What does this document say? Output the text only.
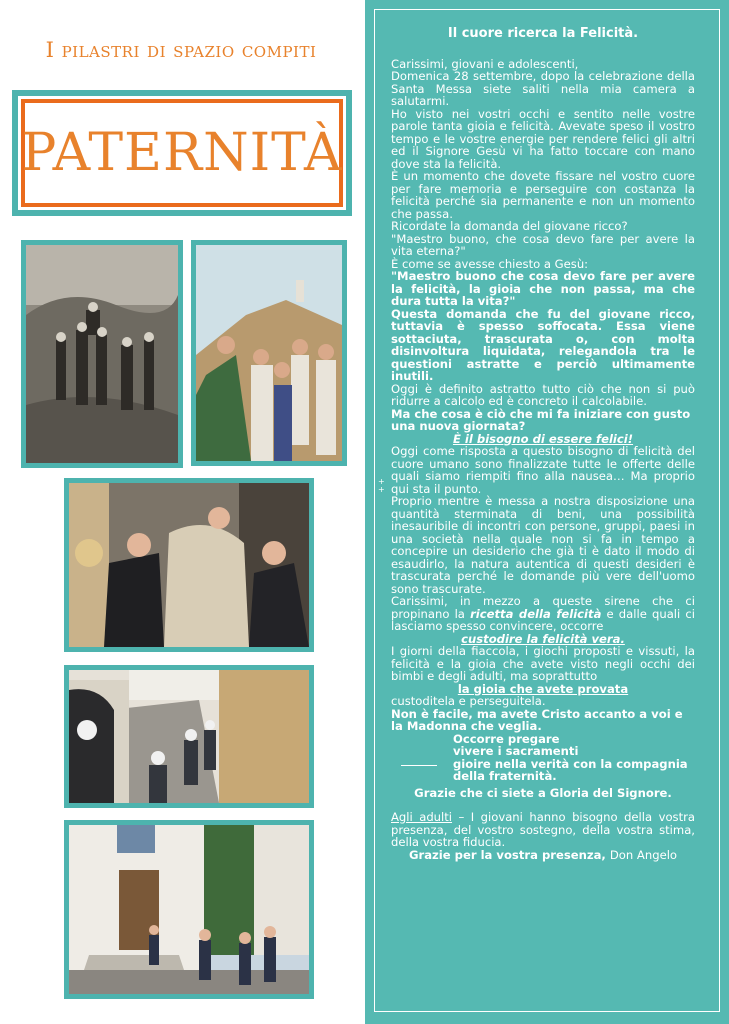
I pilastri di spazio compiti
PATERNITÀ
+
+
Il cuore ricerca la Felicità.
Carissimi, giovani e adolescenti,
Domenica 28 settembre, dopo la celebrazione della Santa Messa siete saliti nella mia camera a salutarmi.
Ho visto nei vostri occhi e sentito nelle vostre parole tanta gioia e felicità. Avevate speso il vostro tempo e le vostre energie per rendere felici gli altri ed il Signore Gesù vi ha fatto toccare con mano dove sta la felicità.
È un momento che dovete fissare nel vostro cuore per fare memoria e perseguire con costanza la felicità perché sia permanente e non un momento che passa.
Ricordate la domanda del giovane ricco?
"Maestro buono, che cosa devo fare per avere la vita eterna?"
È come se avesse chiesto a Gesù:
"Maestro buono che cosa devo fare per avere la felicità, la gioia che non passa, ma che dura tutta la vita?"
Questa domanda che fu del giovane ricco, tuttavia è spesso soffocata. Essa viene sottaciuta, trascurata o, con molta disinvoltura liquidata, relegandola tra le questioni astratte e perciò ultimamente inutili.
Oggi è definito astratto tutto ciò che non si può ridurre a calcolo ed è concreto il calcolabile.
Ma che cosa è ciò che mi fa iniziare con gusto una nuova giornata?
È il bisogno di essere felici!
Oggi come risposta a questo bisogno di felicità del cuore umano sono finalizzate tutte le offerte delle quali siamo riempiti fino alla nausea… Ma proprio qui sta il punto.
Proprio mentre è messa a nostra disposizione una quantità sterminata di beni, una possibilità inesauribile di incontri con persone, gruppi, paesi in una società nella quale non si fa in tempo a concepire un desiderio che già ti è dato il modo di esaudirlo, la natura autentica di questi desideri è trascurata perché le domande più vere dell'uomo sono trascurate.
Carissimi, in mezzo a queste sirene che ci propinano la ricetta della felicità e dalle quali ci lasciamo spesso convincere, occorre
custodire la felicità vera.
I giorni della fiaccola, i giochi proposti e vissuti, la felicità e la gioia che avete visto negli occhi dei bimbi e degli adulti, ma soprattutto
la gioia che avete provata
custoditela e perseguitela.
Non è facile, ma avete Cristo accanto a voi e la Madonna che veglia.
Occorre pregare
vivere i sacramenti
gioire nella verità con la compagnia della fraternità.
Grazie che ci siete a Gloria del Signore.
Agli adulti – I giovani hanno bisogno della vostra presenza, del vostro sostegno, della vostra stima, della vostra fiducia.
Grazie per la vostra presenza, Don Angelo
